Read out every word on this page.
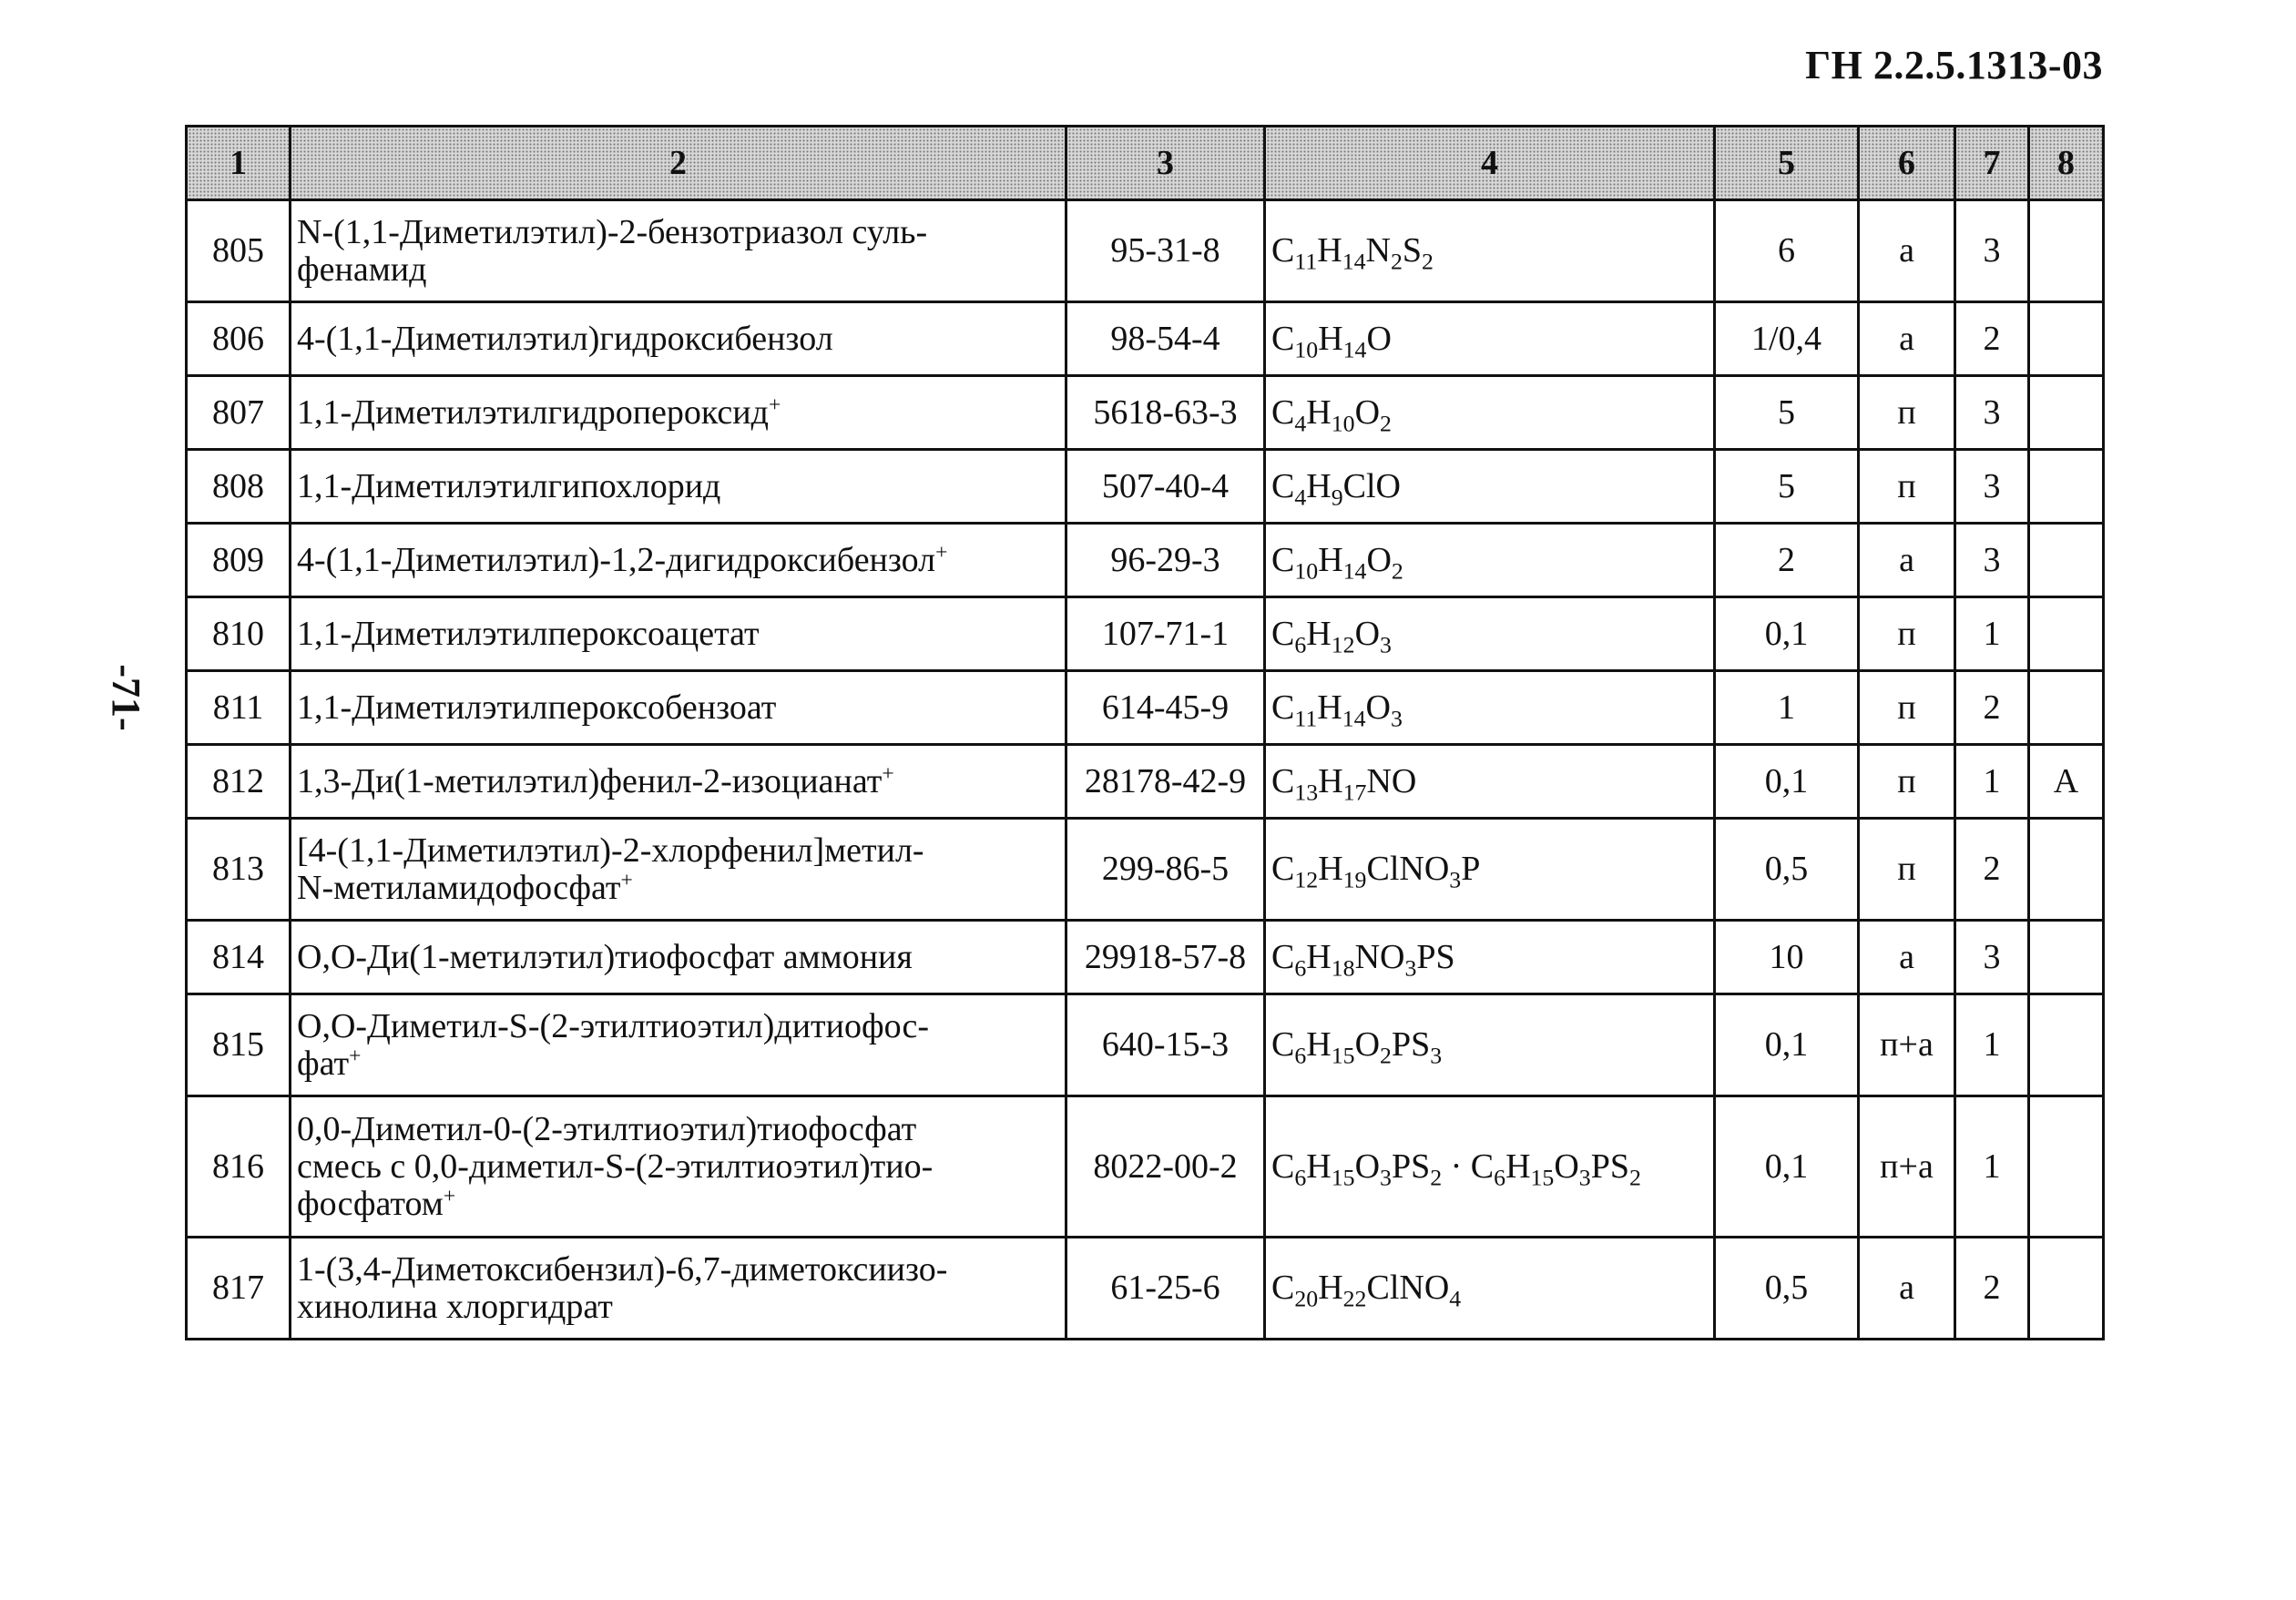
ГН 2.2.5.1313-03
-71-
1	2	3	4	5	6	7	8
805	N-(1,1-Диметилэтил)-2-бензотриазол суль-
фенамид	95-31-8	$C_{11}H_{14}N_2S_2$	6	а	3	
806	4-(1,1-Диметилэтил)гидроксибензол	98-54-4	$C_{10}H_{14}O$	1/0,4	а	2	
807	1,1-Диметилэтилгидропероксид+	5618-63-3	$C_4H_{10}O_2$	5	п	3	
808	1,1-Диметилэтилгипохлорид	507-40-4	$C_4H_9ClO$	5	п	3	
809	4-(1,1-Диметилэтил)-1,2-дигидроксибензол+	96-29-3	$C_{10}H_{14}O_2$	2	а	3	
810	1,1-Диметилэтилпероксоацетат	107-71-1	$C_6H_{12}O_3$	0,1	п	1	
811	1,1-Диметилэтилпероксобензоат	614-45-9	$C_{11}H_{14}O_3$	1	п	2	
812	1,3-Ди(1-метилэтил)фенил-2-изоцианат+	28178-42-9	$C_{13}H_{17}NO$	0,1	п	1	А
813	[4-(1,1-Диметилэтил)-2-хлорфенил]метил-
N-метиламидофосфат+	299-86-5	$C_{12}H_{19}ClNO_3P$	0,5	п	2	
814	О,О-Ди(1-метилэтил)тиофосфат аммония	29918-57-8	$C_6H_{18}NO_3PS$	10	а	3	
815	О,О-Диметил-S-(2-этилтиоэтил)дитиофос-
фат+	640-15-3	$C_6H_{15}O_2PS_3$	0,1	п+а	1	
816	0,0-Диметил-0-(2-этилтиоэтил)тиофосфат
смесь с 0,0-диметил-S-(2-этилтиоэтил)тио-
фосфатом+	8022-00-2	$C_6H_{15}O_3PS_2 \cdot C_6H_{15}O_3PS_2$	0,1	п+а	1	
817	1-(3,4-Диметоксибензил)-6,7-диметоксиизо-
хинолина хлоргидрат	61-25-6	$C_{20}H_{22}ClNO_4$	0,5	а	2	
